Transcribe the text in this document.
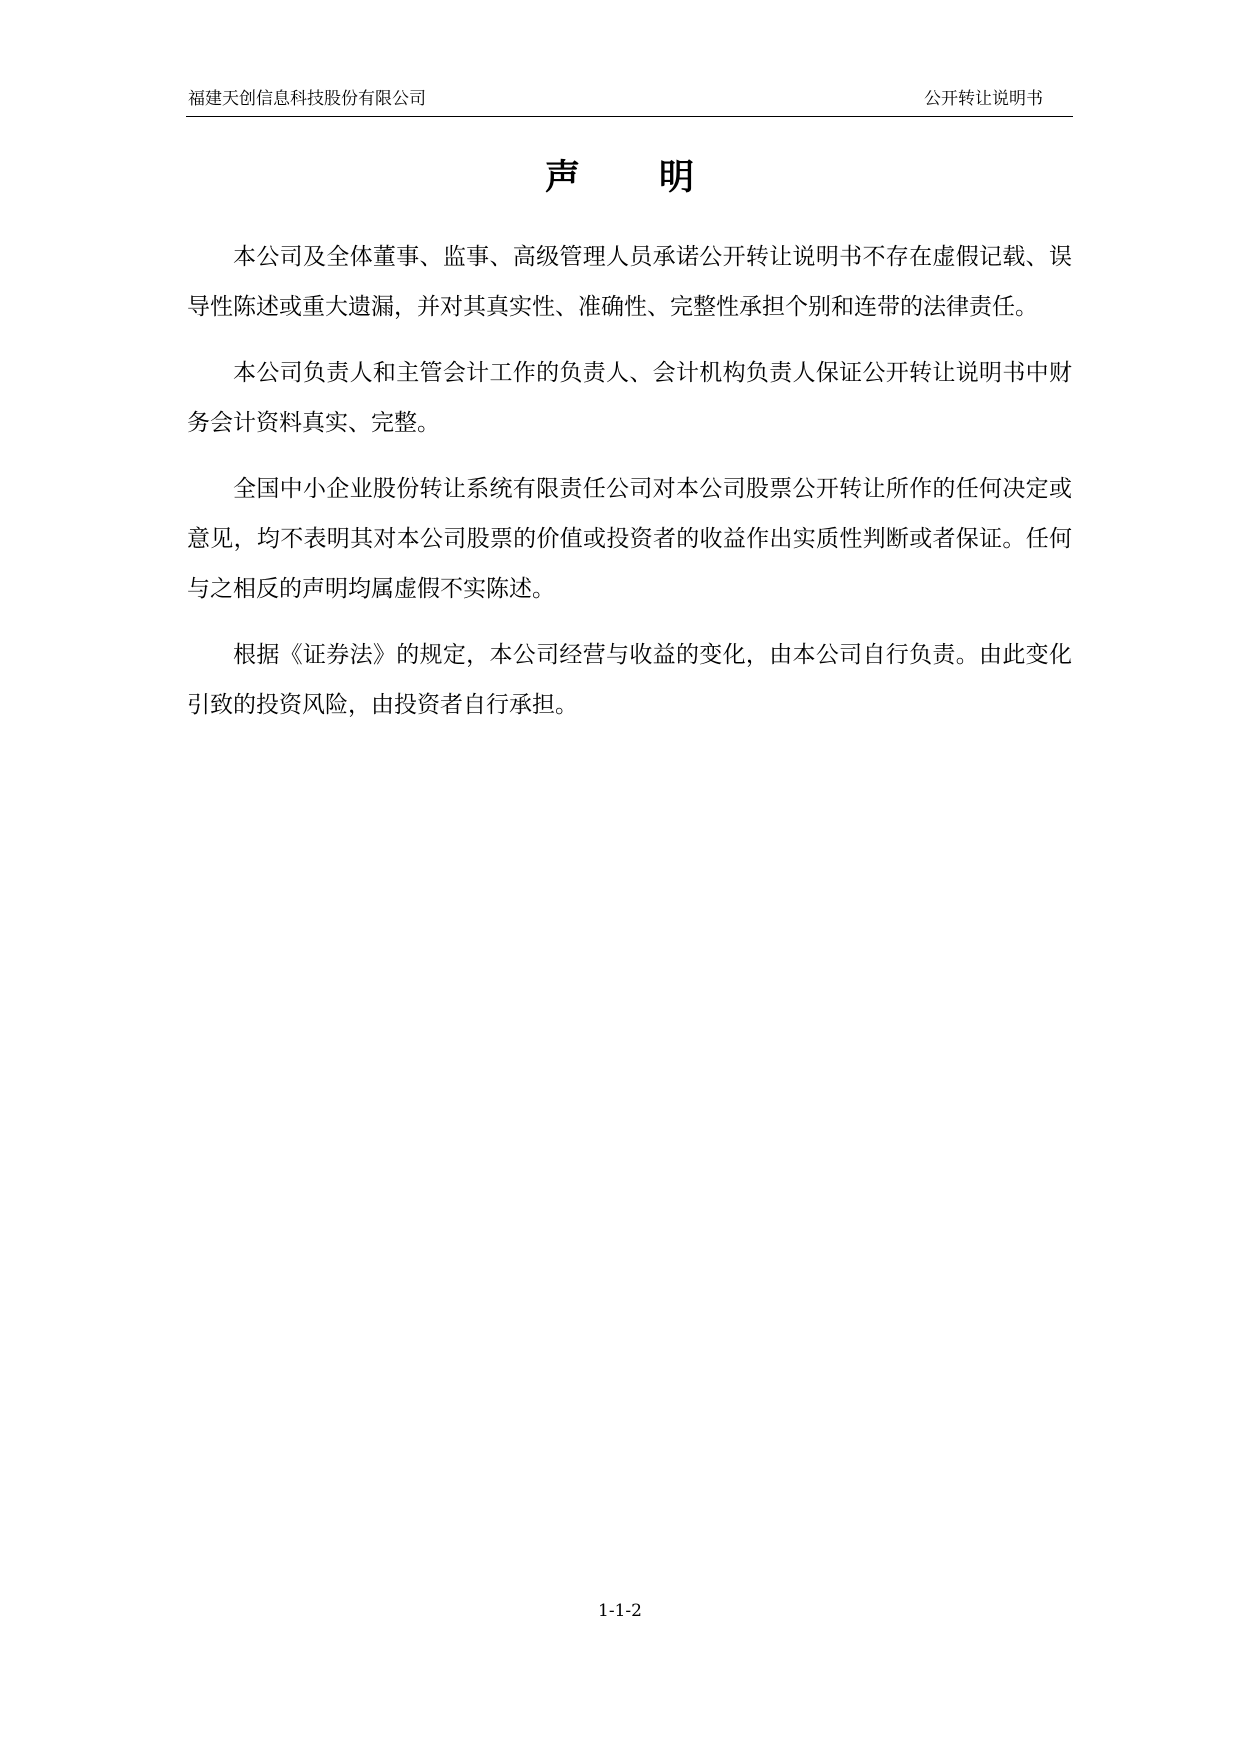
福建天创信息科技股份有限公司	公开转让说明书
声 明

本公司及全体董事、监事、高级管理人员承诺公开转让说明书不存在虚假记载、误导性陈述或重大遗漏，并对其真实性、准确性、完整性承担个别和连带的法律责任。

本公司负责人和主管会计工作的负责人、会计机构负责人保证公开转让说明书中财务会计资料真实、完整。

全国中小企业股份转让系统有限责任公司对本公司股票公开转让所作的任何决定或意见，均不表明其对本公司股票的价值或投资者的收益作出实质性判断或者保证。任何与之相反的声明均属虚假不实陈述。

根据《证券法》的规定，本公司经营与收益的变化，由本公司自行负责。由此变化引致的投资风险，由投资者自行承担。

1-1-2
